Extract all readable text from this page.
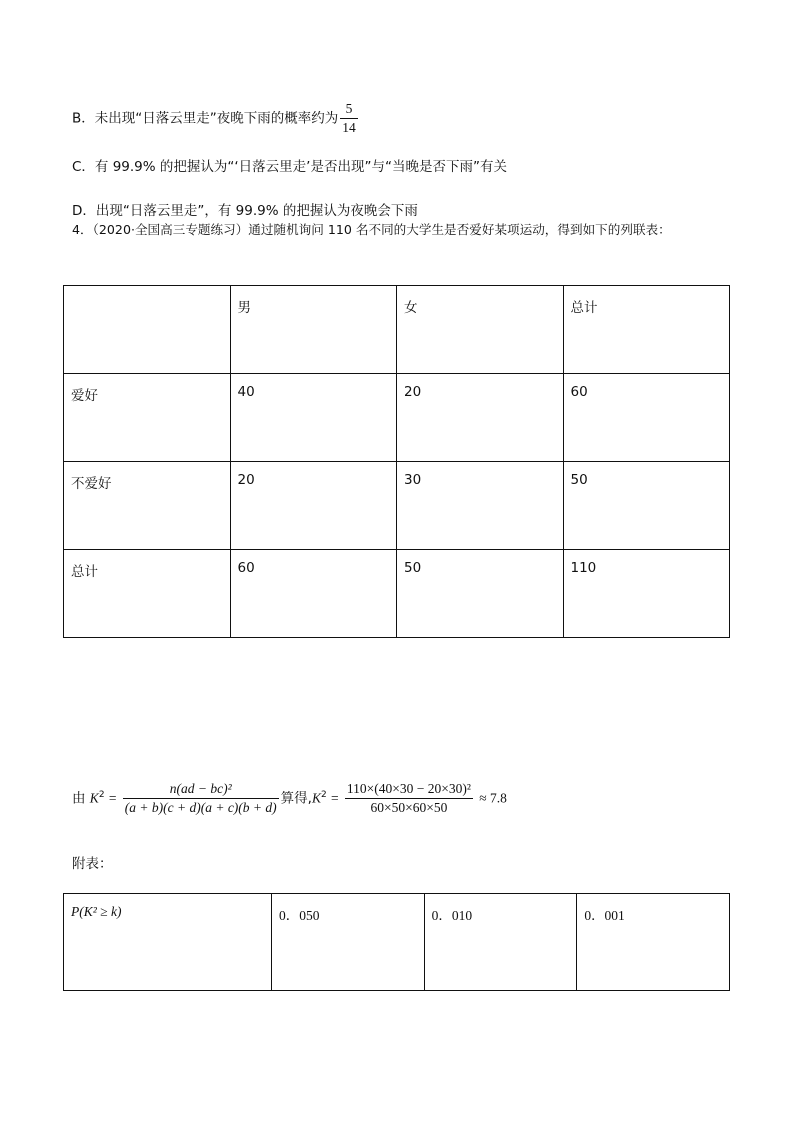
B．未出现“日落云里走”夜晚下雨的概率约为 $\frac{5}{14}$
C．有 99.9% 的把握认为“‘日落云里走’是否出现”与“当晚是否下雨”有关
D．出现“日落云里走”，有 99.9% 的把握认为夜晚会下雨
4．（2020·全国高三专题练习）通过随机询问 110 名不同的大学生是否爱好某项运动，得到如下的列联表：
	男	女	总计
爱好	40	20	60
不爱好	20	30	50
总计	60	50	110
由 $K^2 = \frac{\text{n(ad − bc)²}}{(a + b)(c + d)(a + c)(b + d)}$ 算得$,K^2 = \frac{\text{110×(40×30 − 20×30)²}}{60\times 50\times 60\times 50} \approx 7.8$
附表：
P(K² ≥ k)	0．050	0．010	0．001
